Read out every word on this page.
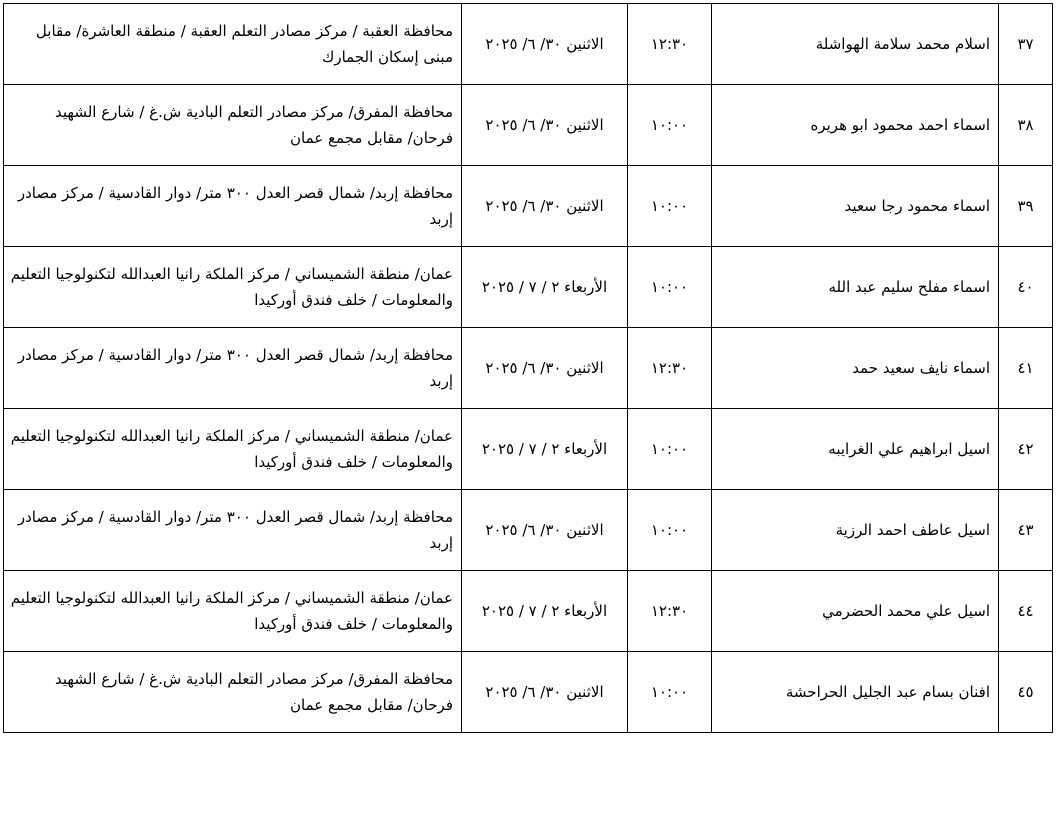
٣٧	اسلام محمد سلامة الهواشلة	١٢:٣٠	الاثنين ٣٠/ ٦/ ٢٠٢٥	محافظة العقبة / مركز مصادر التعلم العقبة / منطقة العاشرة/ مقابل مبنى إسكان الجمارك
٣٨	اسماء احمد محمود ابو هريره	١٠:٠٠	الاثنين ٣٠/ ٦/ ٢٠٢٥	محافظة المفرق/ مركز مصادر التعلم البادية ش.غ / شارع الشهيد فرحان/ مقابل مجمع عمان
٣٩	اسماء محمود رجا سعيد	١٠:٠٠	الاثنين ٣٠/ ٦/ ٢٠٢٥	محافظة إربد/ شمال قصر العدل ٣٠٠ متر/ دوار القادسية / مركز مصادر إربد
٤٠	اسماء مفلح سليم عبد الله	١٠:٠٠	الأربعاء ٢ / ٧ / ٢٠٢٥	عمان/ منطقة الشميساني / مركز الملكة رانيا العبدالله لتكنولوجيا التعليم والمعلومات / خلف فندق أوركيدا
٤١	اسماء نايف سعيد حمد	١٢:٣٠	الاثنين ٣٠/ ٦/ ٢٠٢٥	محافظة إربد/ شمال قصر العدل ٣٠٠ متر/ دوار القادسية / مركز مصادر إربد
٤٢	اسيل ابراهيم علي الغرايبه	١٠:٠٠	الأربعاء ٢ / ٧ / ٢٠٢٥	عمان/ منطقة الشميساني / مركز الملكة رانيا العبدالله لتكنولوجيا التعليم والمعلومات / خلف فندق أوركيدا
٤٣	اسيل عاطف احمد الرزية	١٠:٠٠	الاثنين ٣٠/ ٦/ ٢٠٢٥	محافظة إربد/ شمال قصر العدل ٣٠٠ متر/ دوار القادسية / مركز مصادر إربد
٤٤	اسيل علي محمد الحضرمي	١٢:٣٠	الأربعاء ٢ / ٧ / ٢٠٢٥	عمان/ منطقة الشميساني / مركز الملكة رانيا العبدالله لتكنولوجيا التعليم والمعلومات / خلف فندق أوركيدا
٤٥	افنان بسام عبد الجليل الحراحشة	١٠:٠٠	الاثنين ٣٠/ ٦/ ٢٠٢٥	محافظة المفرق/ مركز مصادر التعلم البادية ش.غ / شارع الشهيد فرحان/ مقابل مجمع عمان
